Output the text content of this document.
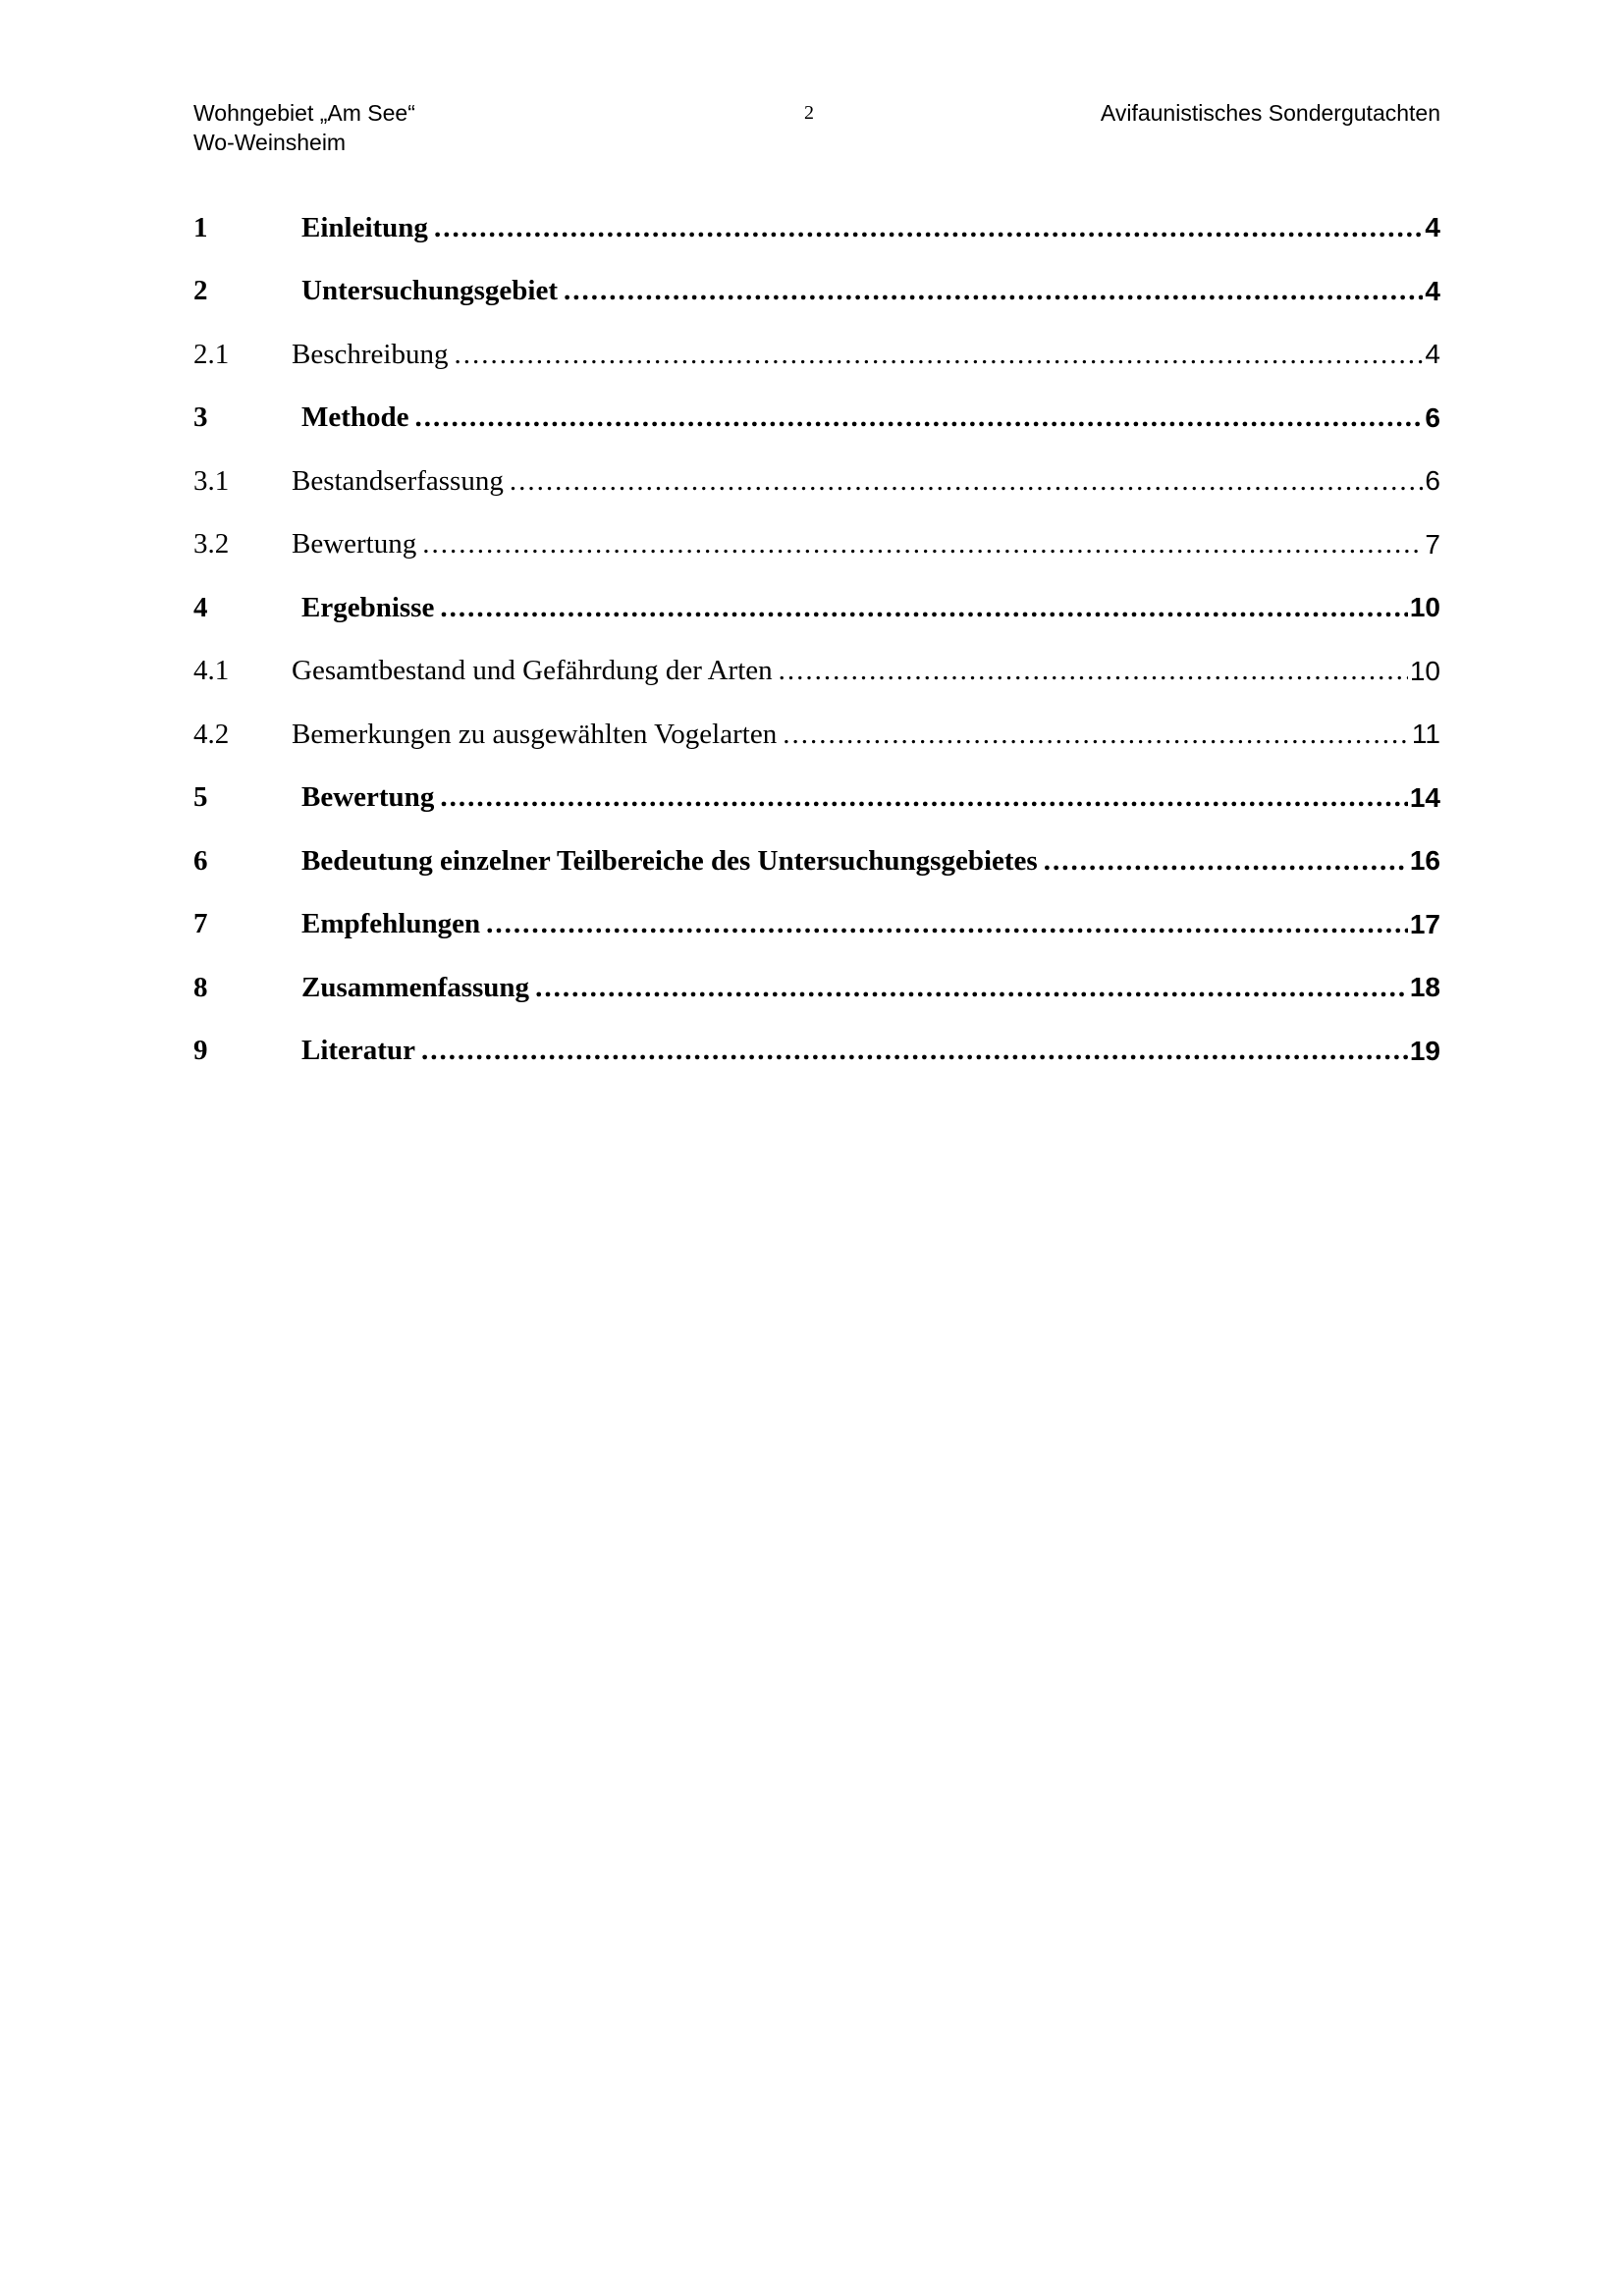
Wohngebiet „Am See“
Wo-Weinsheim
2	Avifaunistisches Sondergutachten
1	Einleitung .....	4
2	Untersuchungsgebiet .....	4
2.1	Beschreibung .....	4
3	Methode .....	6
3.1	Bestandserfassung .....	6
3.2	Bewertung .....	7
4	Ergebnisse .....	10
4.1	Gesamtbestand und Gefährdung der Arten .....	10
4.2	Bemerkungen zu ausgewählten Vogelarten .....	11
5	Bewertung .....	14
6	Bedeutung einzelner Teilbereiche des Untersuchungsgebietes .....	16
7	Empfehlungen .....	17
8	Zusammenfassung .....	18
9	Literatur .....	19
